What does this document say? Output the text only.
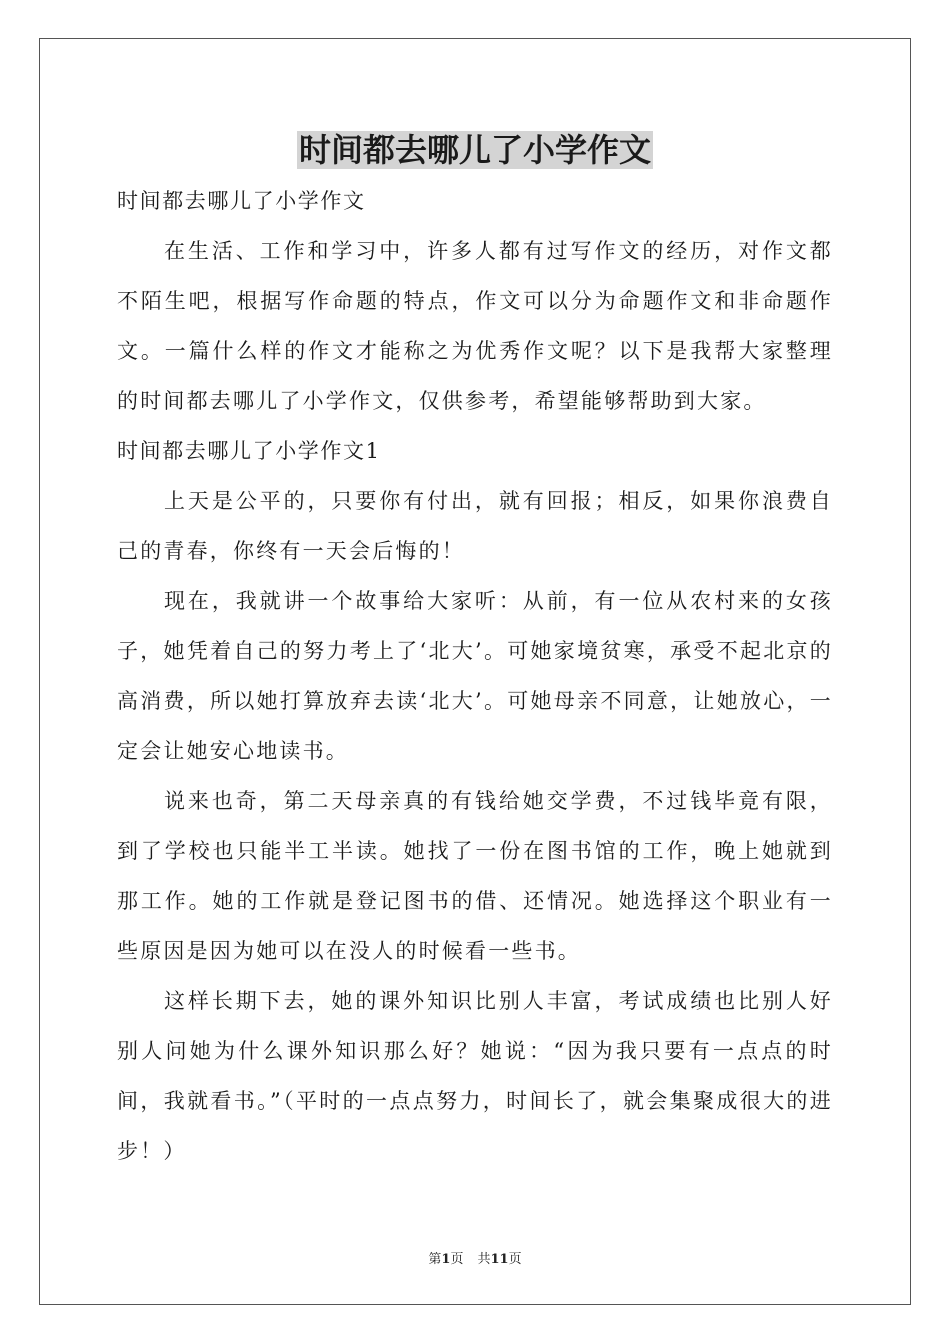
时间都去哪儿了小学作文

时间都去哪儿了小学作文

在生活、工作和学习中，许多人都有过写作文的经历，对作文都不陌生吧，根据写作命题的特点，作文可以分为命题作文和非命题作文。一篇什么样的作文才能称之为优秀作文呢？以下是我帮大家整理的时间都去哪儿了小学作文，仅供参考，希望能够帮助到大家。

时间都去哪儿了小学作文1

上天是公平的，只要你有付出，就有回报；相反，如果你浪费自己的青春，你终有一天会后悔的！

现在，我就讲一个故事给大家听：从前，有一位从农村来的女孩子，她凭着自己的努力考上了‘北大’。可她家境贫寒，承受不起北京的高消费，所以她打算放弃去读‘北大’。可她母亲不同意，让她放心，一定会让她安心地读书。

说来也奇，第二天母亲真的有钱给她交学费，不过钱毕竟有限，到了学校也只能半工半读。她找了一份在图书馆的工作，晚上她就到那工作。她的工作就是登记图书的借、还情况。她选择这个职业有一些原因是因为她可以在没人的时候看一些书。

这样长期下去，她的课外知识比别人丰富，考试成绩也比别人好别人问她为什么课外知识那么好？她说：“因为我只要有一点点的时间，我就看书。”（平时的一点点努力，时间长了，就会集聚成很大的进步！）

第1页 共11页
